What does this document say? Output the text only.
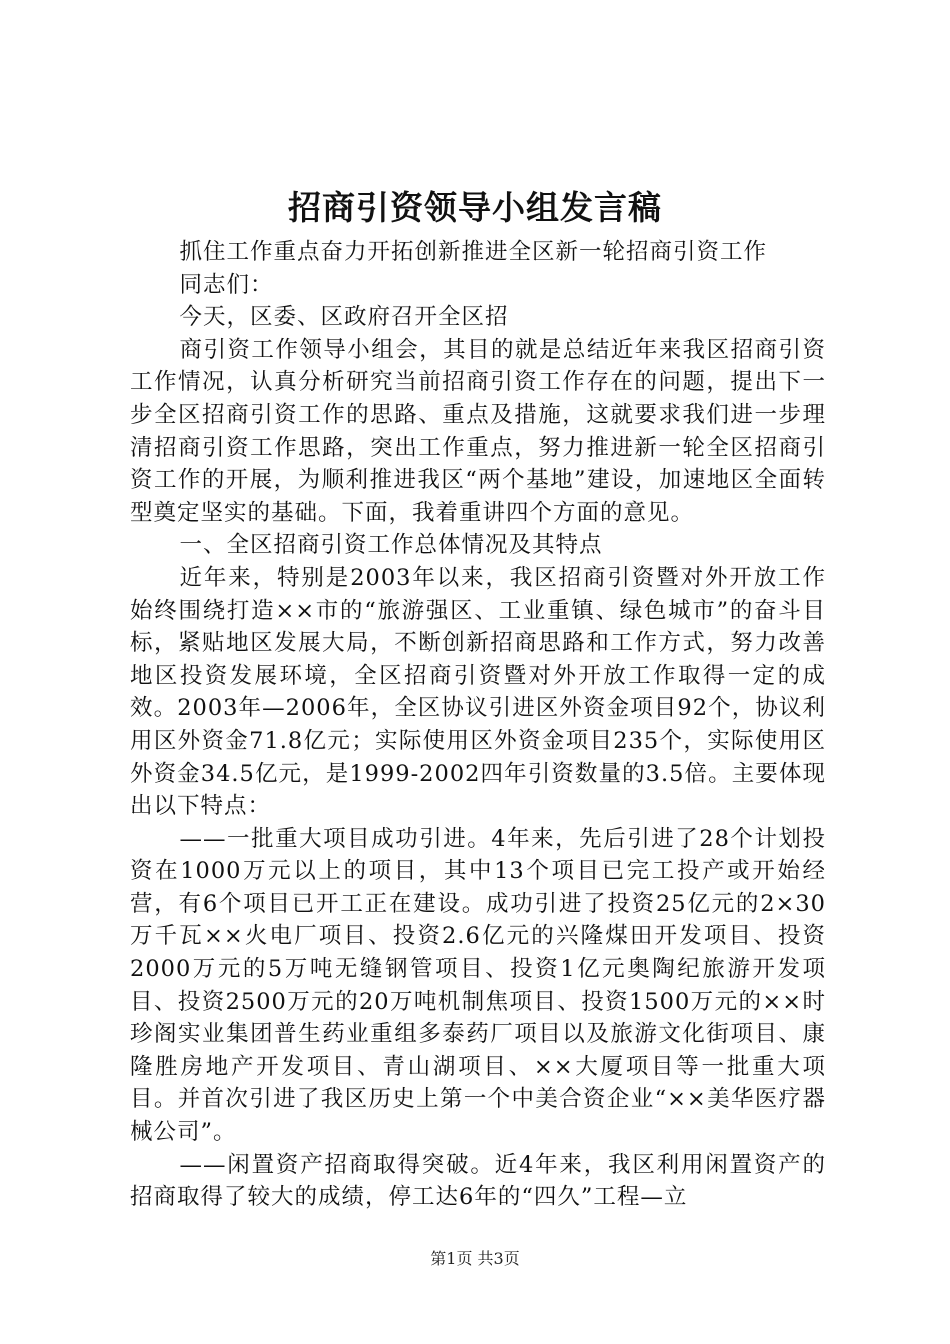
招商引资领导小组发言稿

抓住工作重点奋力开拓创新推进全区新一轮招商引资工作

同志们：

今天，区委、区政府召开全区招

商引资工作领导小组会，其目的就是总结近年来我区招商引资工作情况，认真分析研究当前招商引资工作存在的问题，提出下一步全区招商引资工作的思路、重点及措施，这就要求我们进一步理清招商引资工作思路，突出工作重点，努力推进新一轮全区招商引资工作的开展，为顺利推进我区“两个基地”建设，加速地区全面转型奠定坚实的基础。下面，我着重讲四个方面的意见。

一、全区招商引资工作总体情况及其特点

近年来，特别是2003年以来，我区招商引资暨对外开放工作始终围绕打造××市的“旅游强区、工业重镇、绿色城市”的奋斗目标，紧贴地区发展大局，不断创新招商思路和工作方式，努力改善地区投资发展环境，全区招商引资暨对外开放工作取得一定的成效。2003年—2006年，全区协议引进区外资金项目92个，协议利用区外资金71.8亿元；实际使用区外资金项目235个，实际使用区外资金34.5亿元，是1999-2002四年引资数量的3.5倍。主要体现出以下特点：

——一批重大项目成功引进。4年来，先后引进了28个计划投资在1000万元以上的项目，其中13个项目已完工投产或开始经营，有6个项目已开工正在建设。成功引进了投资25亿元的2×30万千瓦××火电厂项目、投资2.6亿元的兴隆煤田开发项目、投资2000万元的5万吨无缝钢管项目、投资1亿元奥陶纪旅游开发项目、投资2500万元的20万吨机制焦项目、投资1500万元的××时珍阁实业集团普生药业重组多泰药厂项目以及旅游文化街项目、康隆胜房地产开发项目、青山湖项目、××大厦项目等一批重大项目。并首次引进了我区历史上第一个中美合资企业“××美华医疗器械公司”。

——闲置资产招商取得突破。近4年来，我区利用闲置资产的招商取得了较大的成绩，停工达6年的“四久”工程—立

第1页 共3页
